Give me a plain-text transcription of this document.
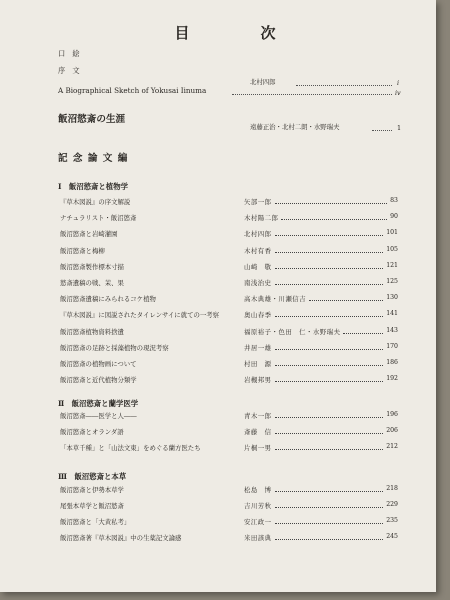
目　次
口　絵
序　文
北村四郎	i
A Biographical Sketch of Yokusai Iinuma	iv
飯沼慾斎の生涯
遠藤正治・北村二朗・水野瑞夫	1
記 念 論 文 編
Ⅰ　飯沼慾斎と植物学
『草木図説』の序文解説	矢部一郎	83
ナチュラリスト・飯沼慾斎	木村陽二郎	90
飯沼慾斎と岩崎灌園	北村四郎	101
飯沼慾斎と梅柳	木村有香	105
飯沼慾斎製作標本寸描	山崎　敬	121
慾斎遺稿の戦、茉、果	南浅治史	125
飯沼慾斎遺稿にみられるコケ植物	高木典雄・川瀬信吉	130
『草木図説』に図説されたタイレンサイに就ての一考察	奥山春季	141
飯沼慾斎植物資料捨遺	福原裕子・色田　仁・水野瑞夫	143
飯沼慾斎の足跡と採藻植物の現況考察	井居一雄	170
飯沼慾斎の植物画について	村田　源	186
飯沼慾斎と近代植物分類学	岩槻邦男	192
Ⅱ　飯沼慾斎と蘭学医学
飯沼慾斎――医学と人――	青木一郎	196
飯沼慾斎とオランダ語	斎藤　信	206
「本草千種」と「山法文東」をめぐる蘭方医たち	片桐一男	212
Ⅲ　飯沼慾斎と本草
飯沼慾斎と伊勢本草学	松島　博	218
尾張本草学と飯沼慾斎	吉川芳秋	229
飯沼慾斎と「大黄私考」	安江政一	235
飯沼慾斎著『草木図説』中の生薬記文論感	米田該典	245
